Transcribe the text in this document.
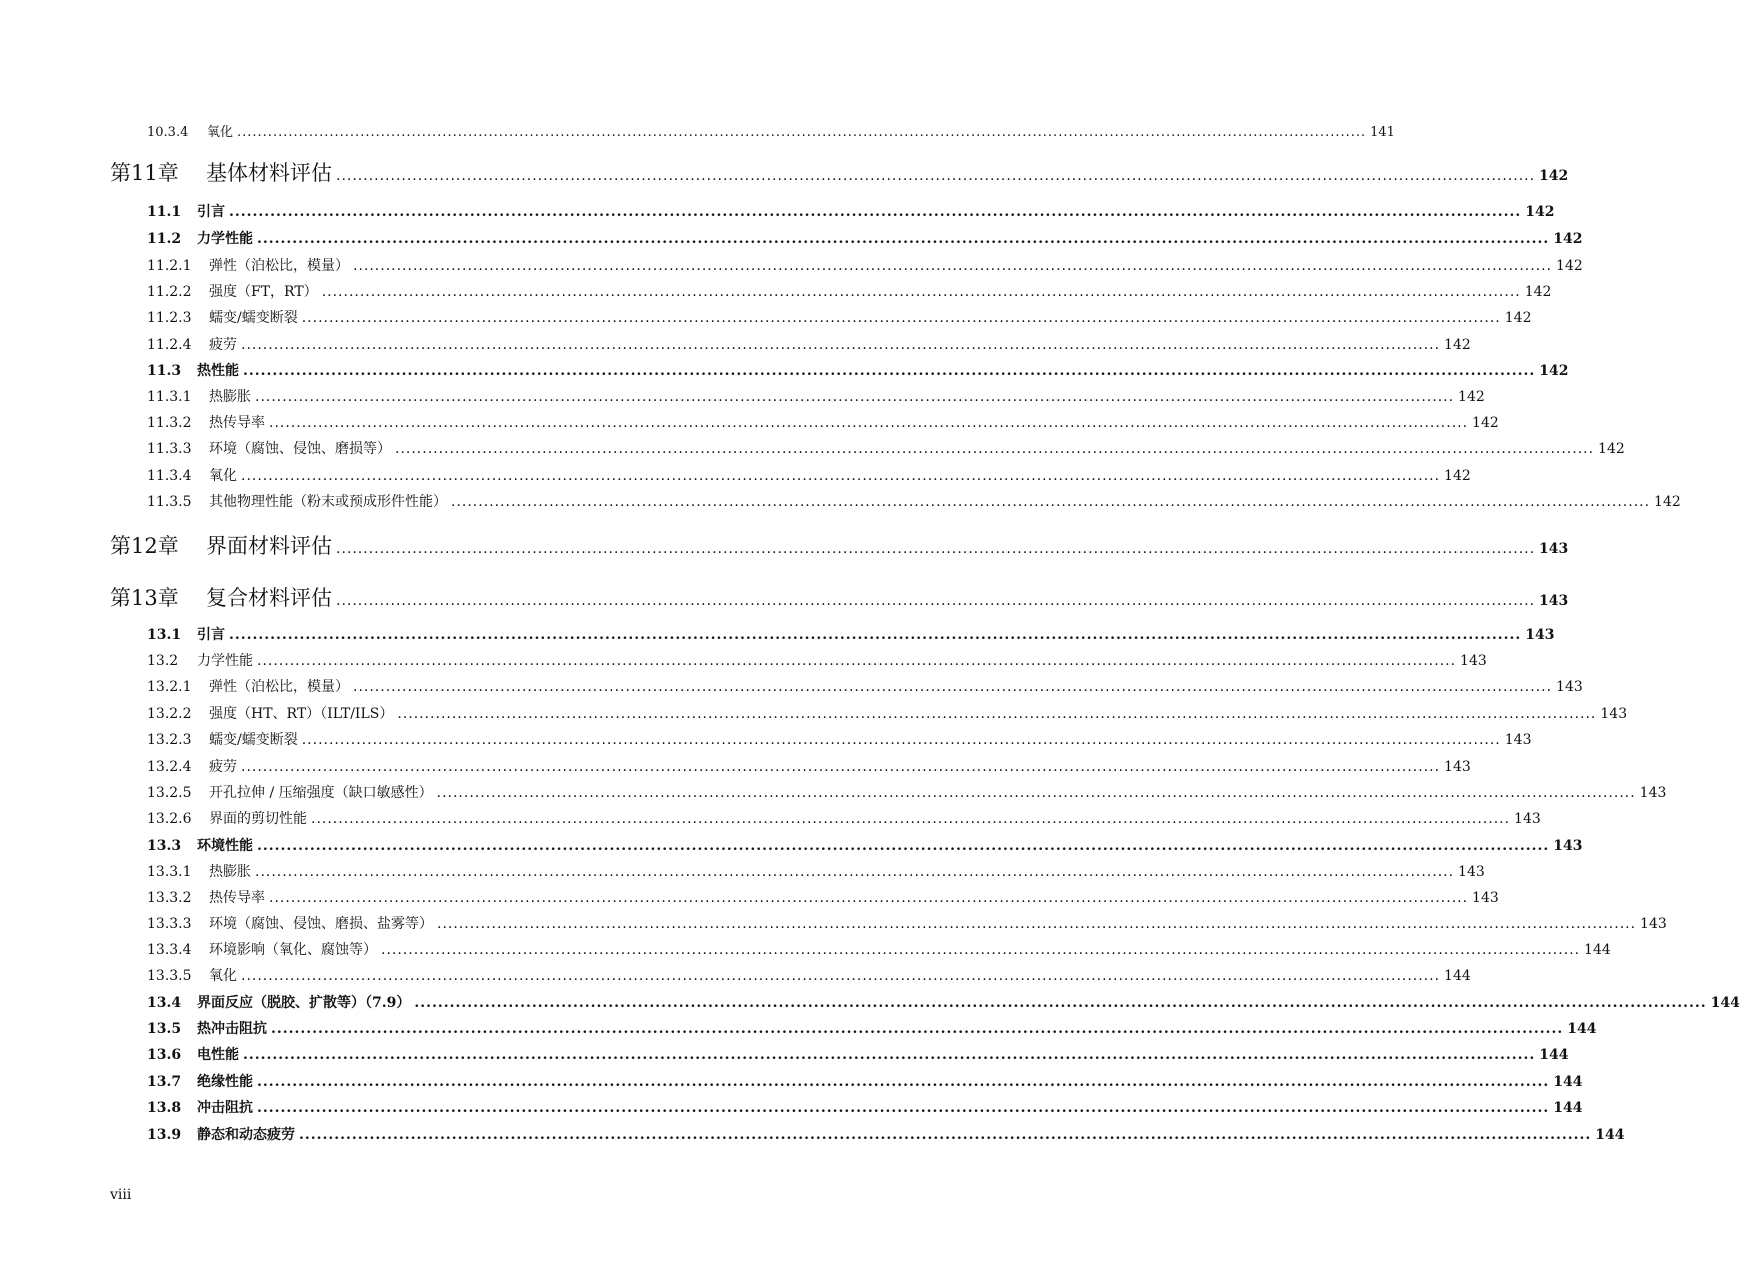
10.3.4	氧化 ............................................................................................................................................................................................................................ 141
第11章	基体材料评估 ............................................................................................................................................................................................................................ 142
11.1	引言 ............................................................................................................................................................................................................................ 142
11.2	力学性能 ............................................................................................................................................................................................................................ 142
11.2.1	弹性（泊松比，模量） ............................................................................................................................................................................................................................ 142
11.2.2	强度（FT，RT） ............................................................................................................................................................................................................................ 142
11.2.3	蠕变/蠕变断裂 ............................................................................................................................................................................................................................ 142
11.2.4	疲劳 ............................................................................................................................................................................................................................ 142
11.3	热性能 ............................................................................................................................................................................................................................ 142
11.3.1	热膨胀 ............................................................................................................................................................................................................................ 142
11.3.2	热传导率 ............................................................................................................................................................................................................................ 142
11.3.3	环境（腐蚀、侵蚀、磨损等） ............................................................................................................................................................................................................................ 142
11.3.4	氧化 ............................................................................................................................................................................................................................ 142
11.3.5	其他物理性能（粉末或预成形件性能） ............................................................................................................................................................................................................................ 142
第12章	界面材料评估 ............................................................................................................................................................................................................................ 143
第13章	复合材料评估 ............................................................................................................................................................................................................................ 143
13.1	引言 ............................................................................................................................................................................................................................ 143
13.2	力学性能 ............................................................................................................................................................................................................................ 143
13.2.1	弹性（泊松比，模量） ............................................................................................................................................................................................................................ 143
13.2.2	强度（HT、RT）（ILT/ILS） ............................................................................................................................................................................................................................ 143
13.2.3	蠕变/蠕变断裂 ............................................................................................................................................................................................................................ 143
13.2.4	疲劳 ............................................................................................................................................................................................................................ 143
13.2.5	开孔拉伸 / 压缩强度（缺口敏感性） ............................................................................................................................................................................................................................ 143
13.2.6	界面的剪切性能 ............................................................................................................................................................................................................................ 143
13.3	环境性能 ............................................................................................................................................................................................................................ 143
13.3.1	热膨胀 ............................................................................................................................................................................................................................ 143
13.3.2	热传导率 ............................................................................................................................................................................................................................ 143
13.3.3	环境（腐蚀、侵蚀、磨损、盐雾等） ............................................................................................................................................................................................................................ 143
13.3.4	环境影响（氧化、腐蚀等） ............................................................................................................................................................................................................................ 144
13.3.5	氧化 ............................................................................................................................................................................................................................ 144
13.4	界面反应（脱胶、扩散等）（7.9） ............................................................................................................................................................................................................................ 144
13.5	热冲击阻抗 ............................................................................................................................................................................................................................ 144
13.6	电性能 ............................................................................................................................................................................................................................ 144
13.7	绝缘性能 ............................................................................................................................................................................................................................ 144
13.8	冲击阻抗 ............................................................................................................................................................................................................................ 144
13.9	静态和动态疲劳 ............................................................................................................................................................................................................................ 144
viii
